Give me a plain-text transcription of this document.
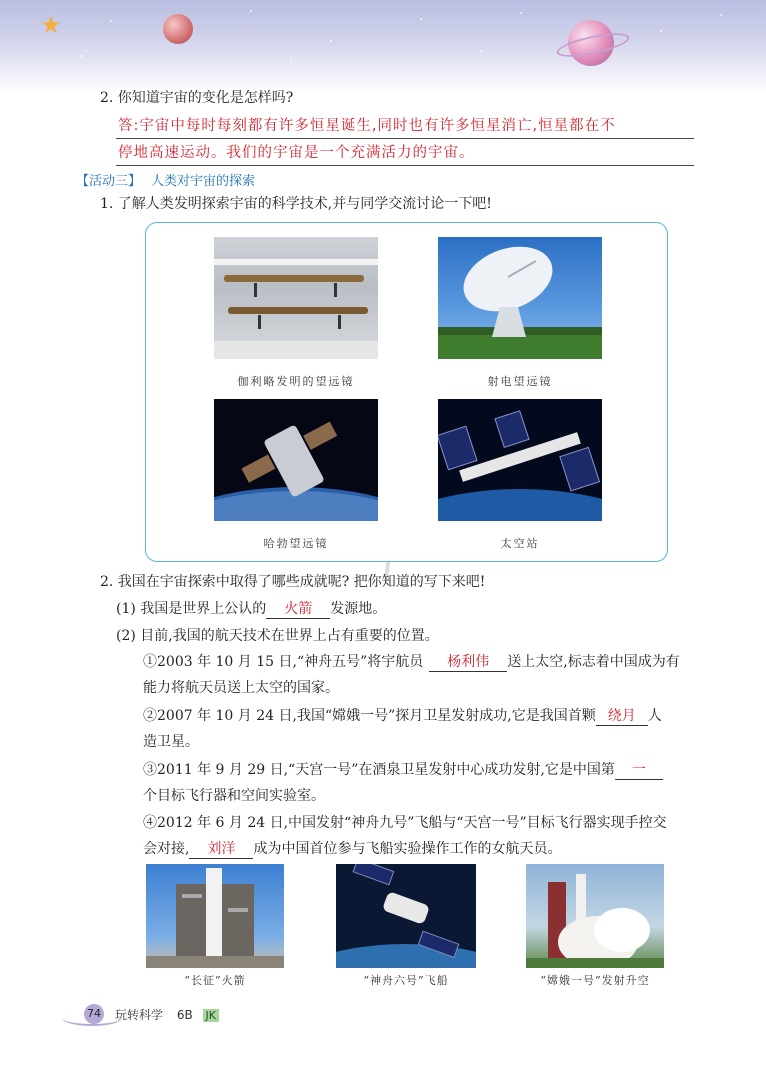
★
2. 你知道宇宙的变化是怎样吗?
答:宇宙中每时每刻都有许多恒星诞生,同时也有许多恒星消亡,恒星都在不
停地高速运动。我们的宇宙是一个充满活力的宇宙。
【活动三】 人类对宇宙的探索
1. 了解人类发明探索宇宙的科学技术,并与同学交流讨论一下吧!
伽利略发明的望远镜	射电望远镜
哈勃望远镜	太空站
2. 我国在宇宙探索中取得了哪些成就呢? 把你知道的写下来吧!
(1) 我国是世界上公认的 火箭 发源地。
(2) 目前,我国的航天技术在世界上占有重要的位置。
①2003 年 10 月 15 日,“神舟五号”将宇航员 杨利伟 送上太空,标志着中国成为有
能力将航天员送上太空的国家。
②2007 年 10 月 24 日,我国“嫦娥一号”探月卫星发射成功,它是我国首颗 绕月 人
造卫星。
③2011 年 9 月 29 日,“天宫一号”在酒泉卫星发射中心成功发射,它是中国第 一
个目标飞行器和空间实验室。
④2012 年 6 月 24 日,中国发射“神舟九号”飞船与“天宫一号”目标飞行器实现手控交
会对接, 刘洋 成为中国首位参与飞船实验操作工作的女航天员。
“长征”火箭	“神舟六号”飞船	“嫦娥一号”发射升空
74 玩转科学 6B JK
